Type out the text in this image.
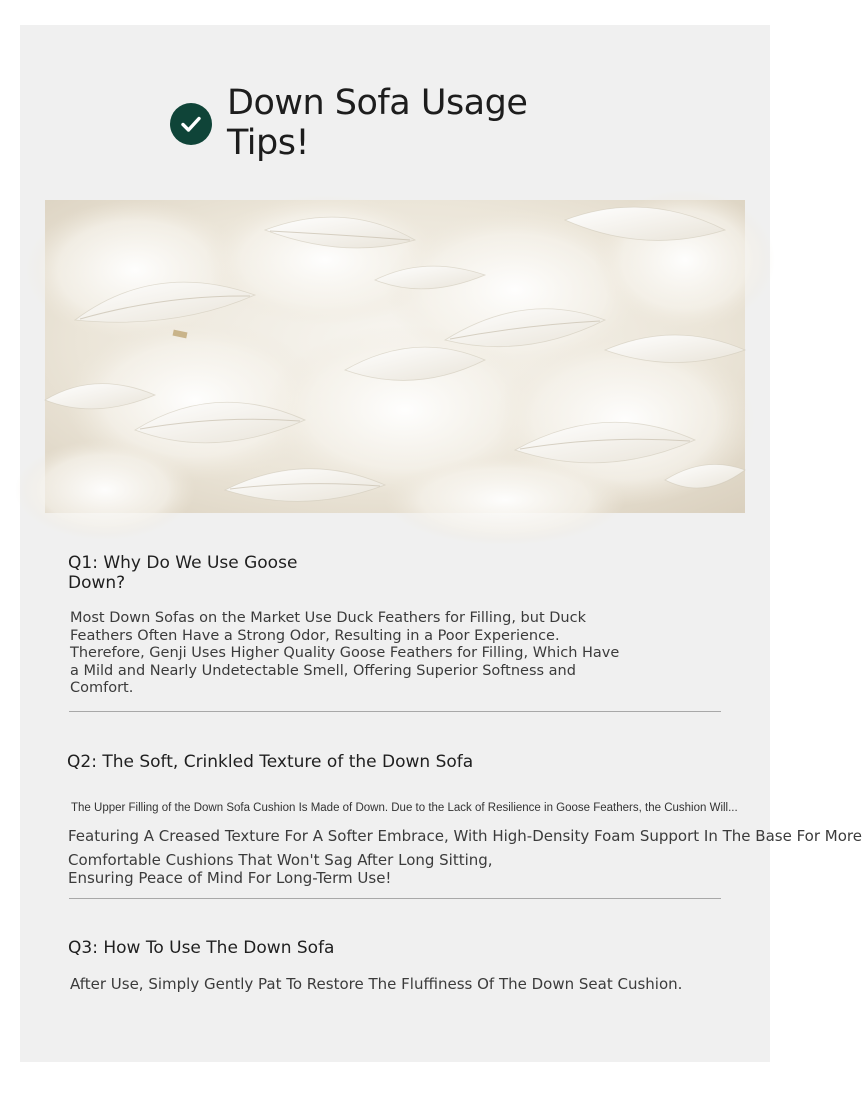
Down Sofa Usage Tips!
Q1: Why Do We Use Goose Down?
Most Down Sofas on the Market Use Duck Feathers for Filling, but Duck Feathers Often Have a Strong Odor, Resulting in a Poor Experience. Therefore, Genji Uses Higher Quality Goose Feathers for Filling, Which Have a Mild and Nearly Undetectable Smell, Offering Superior Softness and Comfort.
Q2: The Soft, Crinkled Texture of the Down Sofa
The Upper Filling of the Down Sofa Cushion Is Made of Down. Due to the Lack of Resilience in Goose Feathers, the Cushion Will...
Featuring A Creased Texture For A Softer Embrace, With High-Density Foam Support In The Base For More
Comfortable Cushions That Won't Sag After Long Sitting, Ensuring Peace of Mind For Long-Term Use!
Q3: How To Use The Down Sofa
After Use, Simply Gently Pat To Restore The Fluffiness Of The Down Seat Cushion.
